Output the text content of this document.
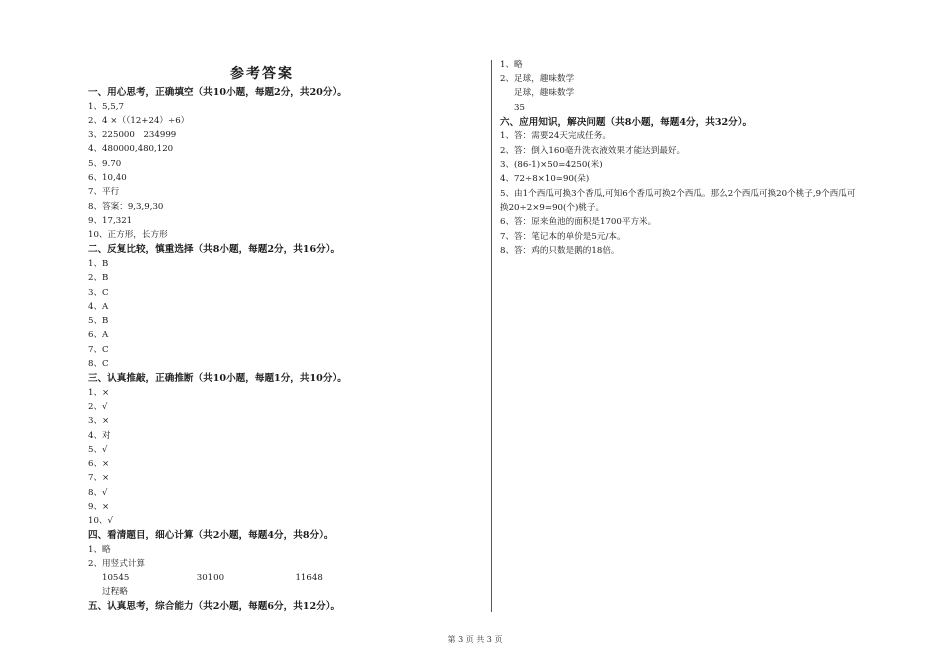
参考答案
一、用心思考，正确填空（共10小题，每题2分，共20分）。
1、5,5,7
2、4 ×（（12+24）÷6）
3、225000　234999
4、480000,480,120
5、9.70
6、10,40
7、平行
8、答案：9,3,9,30
9、17,321
10、正方形，长方形
二、反复比较，慎重选择（共8小题，每题2分，共16分）。
1、B
2、B
3、C
4、A
5、B
6、A
7、C
8、C
三、认真推敲，正确推断（共10小题，每题1分，共10分）。
1、×
2、√
3、×
4、对
5、√
6、×
7、×
8、√
9、×
10、√
四、看清题目，细心计算（共2小题，每题4分，共8分）。
1、略
2、用竖式计算
10545	30100	11648
过程略
五、认真思考，综合能力（共2小题，每题6分，共12分）。
1、略
2、足球，趣味数学
足球，趣味数学
35
六、应用知识，解决问题（共8小题，每题4分，共32分）。
1、答：需要24天完成任务。
2、答：倒入160毫升洗衣液效果才能达到最好。
3、(86-1)×50=4250(米)
4、72÷8×10=90(朵)
5、由1个西瓜可换3个香瓜,可知6个香瓜可换2个西瓜。那么2个西瓜可换20个桃子,9个西瓜可
换20÷2×9=90(个)桃子。
6、答：原来鱼池的面积是1700平方米。
7、答：笔记本的单价是5元/本。
8、答：鸡的只数是鹅的18倍。
第 3 页 共 3 页
